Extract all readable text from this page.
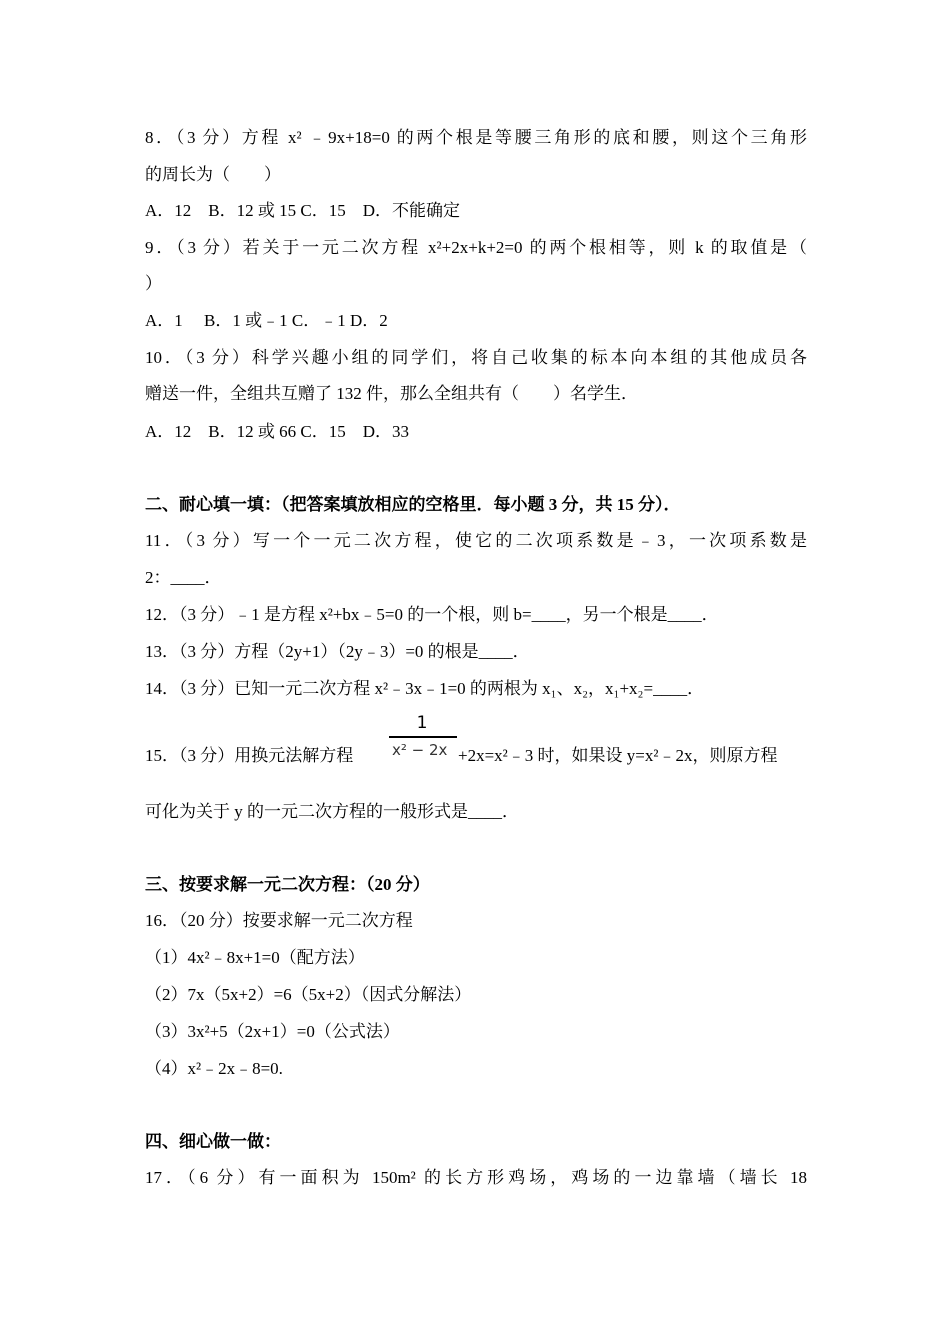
8．（3 分）方程 x² ﹣9x+18=0 的两个根是等腰三角形的底和腰，则这个三角形
的周长为（　　）
A．12　B．12 或 15 C．15　D．不能确定
9．（3 分）若关于一元二次方程 x²+2x+k+2=0 的两个根相等，则 k 的取值是（
）
A．1　 B．1 或﹣1 C．﹣1 D．2
10．（3 分）科学兴趣小组的同学们，将自己收集的标本向本组的其他成员各
赠送一件，全组共互赠了 132 件，那么全组共有（　　）名学生．
A．12　B．12 或 66 C．15　D．33
二、耐心填一填：（把答案填放相应的空格里．每小题 3 分，共 15 分）．
11．（3 分）写一个一元二次方程，使它的二次项系数是﹣3，一次项系数是
2：____．
12．（3 分）﹣1 是方程 x²+bx﹣5=0 的一个根，则 b=____，另一个根是____．
13．（3 分）方程（2y+1）（2y﹣3）=0 的根是____．
14．（3 分）已知一元二次方程 x²﹣3x﹣1=0 的两根为 x₁、x₂，x₁+x₂=____．
15．（3 分）用换元法解方程
1
x² − 2x +2x=x²﹣3 时，如果设 y=x²﹣2x，则原方程
可化为关于 y 的一元二次方程的一般形式是____．
三、按要求解一元二次方程：（20 分）
16．（20 分）按要求解一元二次方程
（1）4x²﹣8x+1=0（配方法）
（2）7x（5x+2）=6（5x+2）（因式分解法）
（3）3x²+5（2x+1）=0（公式法）
（4）x²﹣2x﹣8=0.
四、细心做一做：
17．（6 分）有一面积为 150m² 的长方形鸡场，鸡场的一边靠墙（墙长 18
